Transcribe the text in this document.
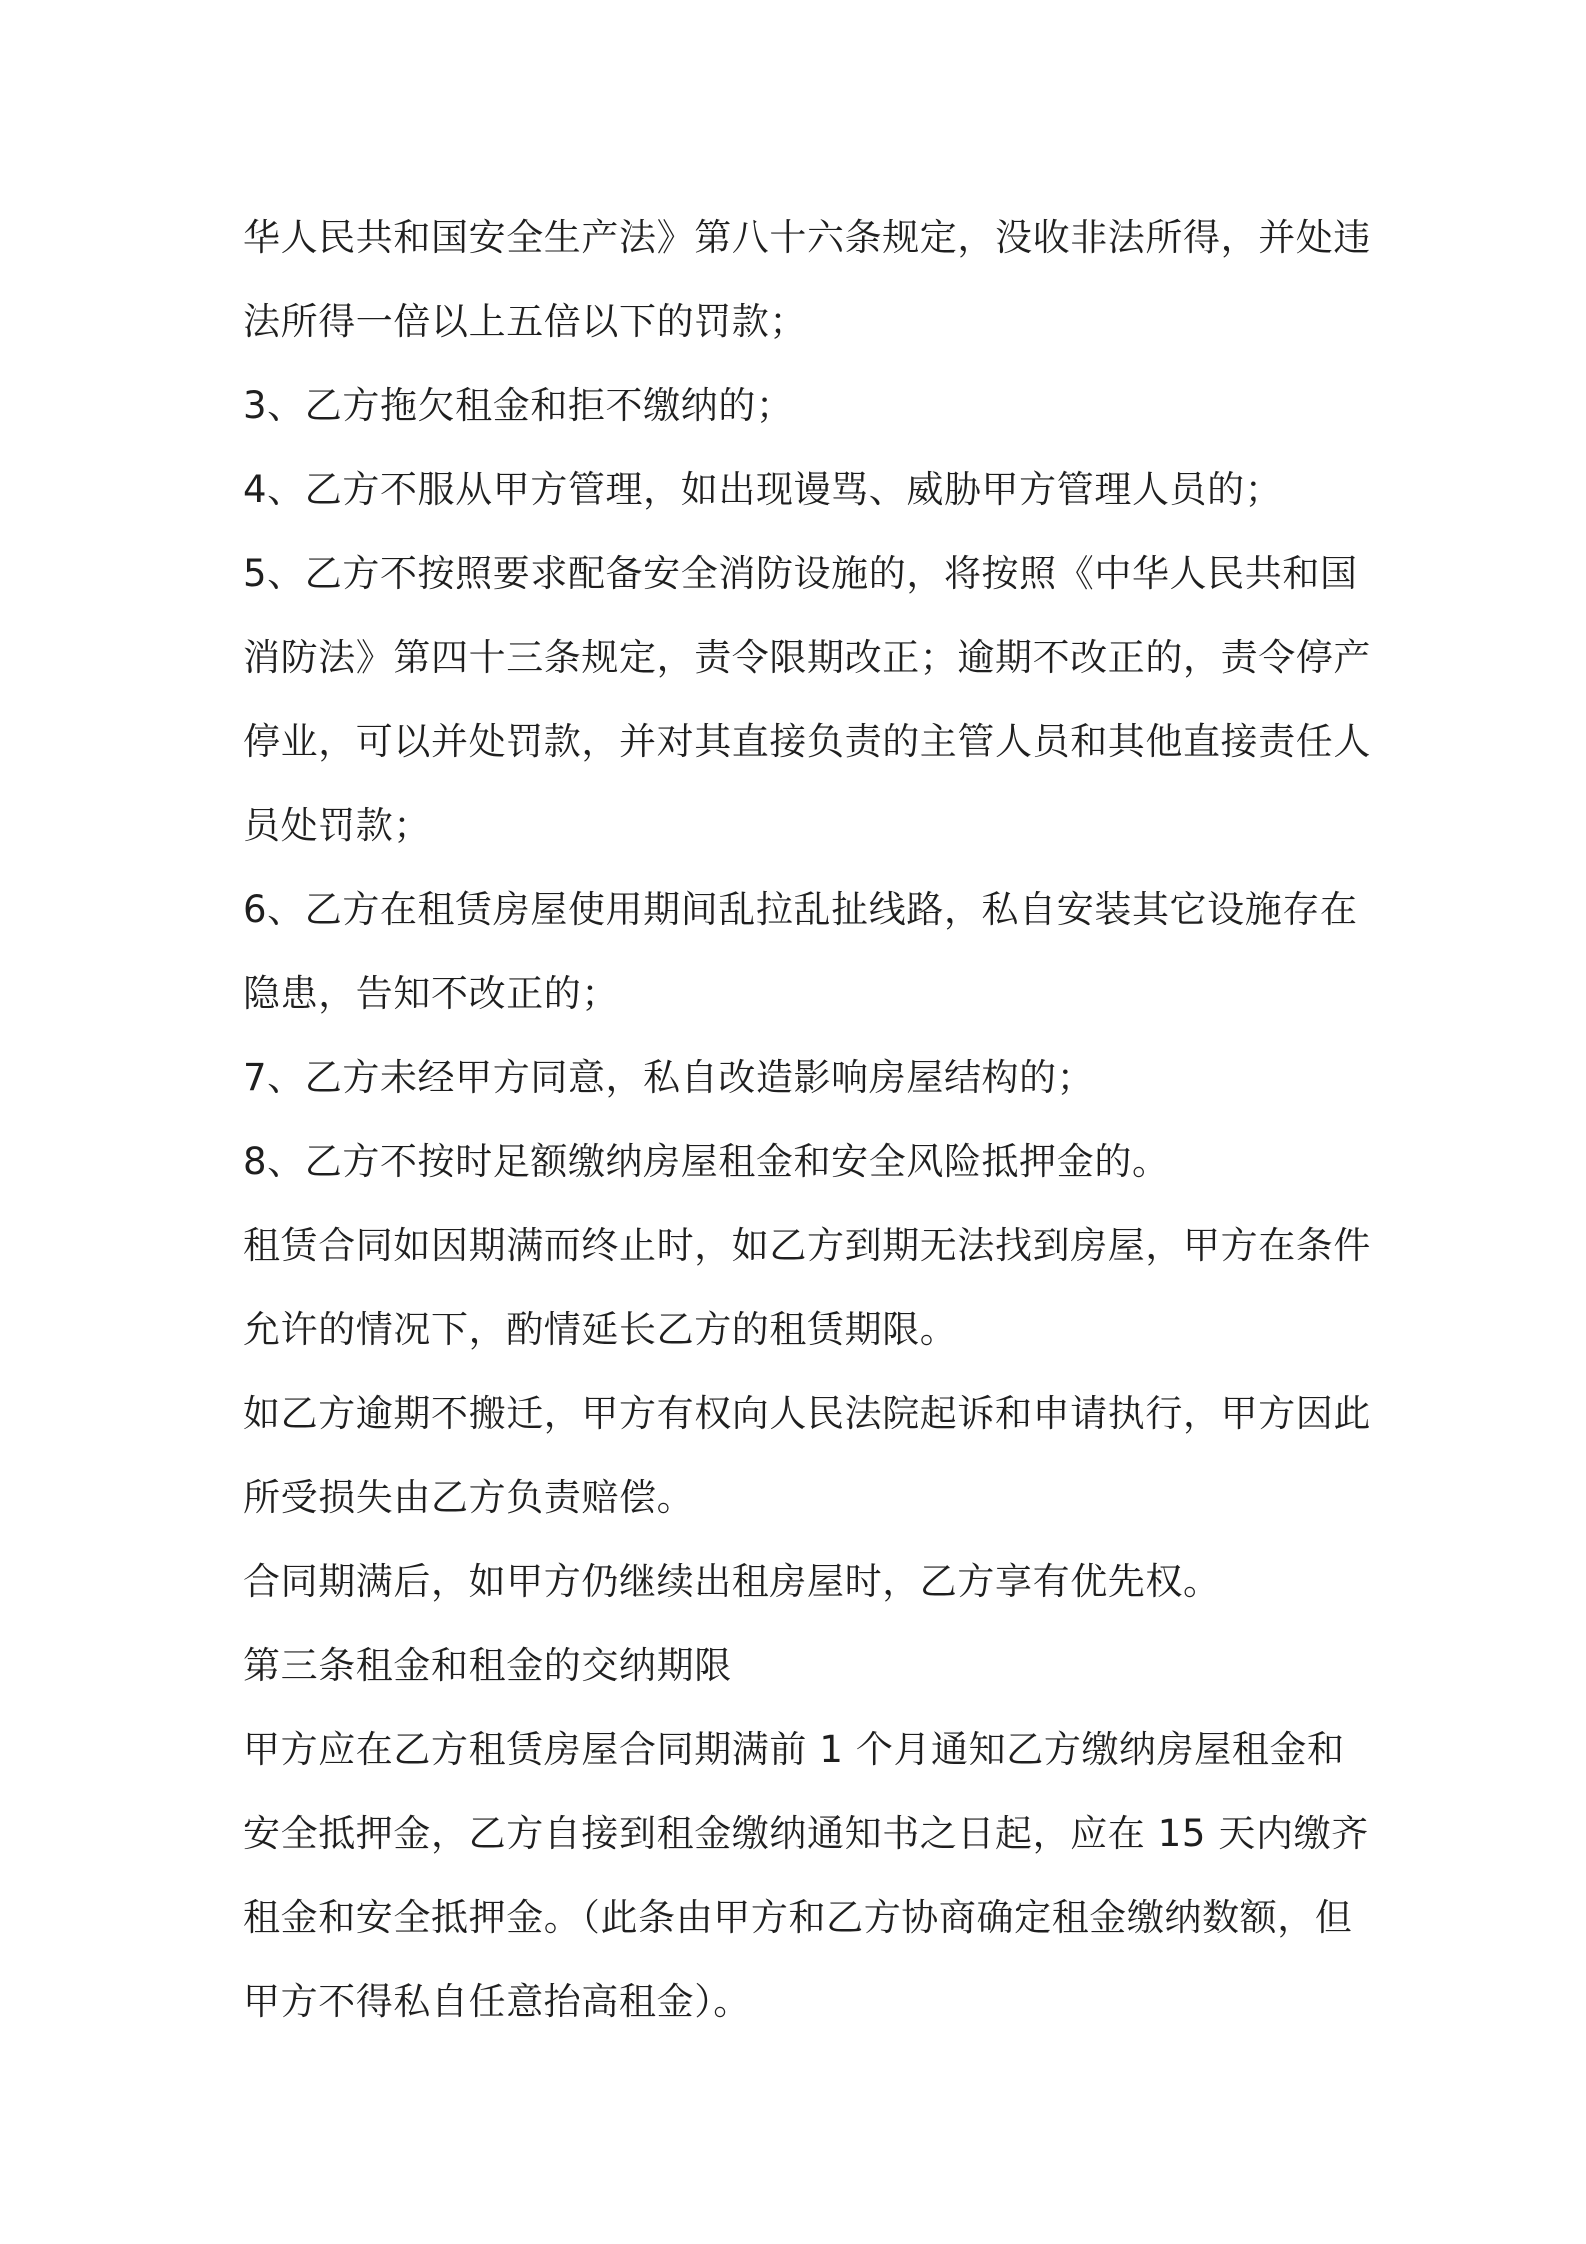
华人民共和国安全生产法》第八十六条规定，没收非法所得，并处违
法所得一倍以上五倍以下的罚款；
3、乙方拖欠租金和拒不缴纳的；
4、乙方不服从甲方管理，如出现谩骂、威胁甲方管理人员的；
5、乙方不按照要求配备安全消防设施的，将按照《中华人民共和国
消防法》第四十三条规定，责令限期改正；逾期不改正的，责令停产
停业，可以并处罚款，并对其直接负责的主管人员和其他直接责任人
员处罚款；
6、乙方在租赁房屋使用期间乱拉乱扯线路，私自安装其它设施存在
隐患，告知不改正的；
7、乙方未经甲方同意，私自改造影响房屋结构的；
8、乙方不按时足额缴纳房屋租金和安全风险抵押金的。
租赁合同如因期满而终止时，如乙方到期无法找到房屋，甲方在条件
允许的情况下，酌情延长乙方的租赁期限。
如乙方逾期不搬迁，甲方有权向人民法院起诉和申请执行，甲方因此
所受损失由乙方负责赔偿。
合同期满后，如甲方仍继续出租房屋时，乙方享有优先权。
第三条租金和租金的交纳期限
甲方应在乙方租赁房屋合同期满前 1 个月通知乙方缴纳房屋租金和
安全抵押金，乙方自接到租金缴纳通知书之日起，应在 15 天内缴齐
租金和安全抵押金。（此条由甲方和乙方协商确定租金缴纳数额，但
甲方不得私自任意抬高租金）。
